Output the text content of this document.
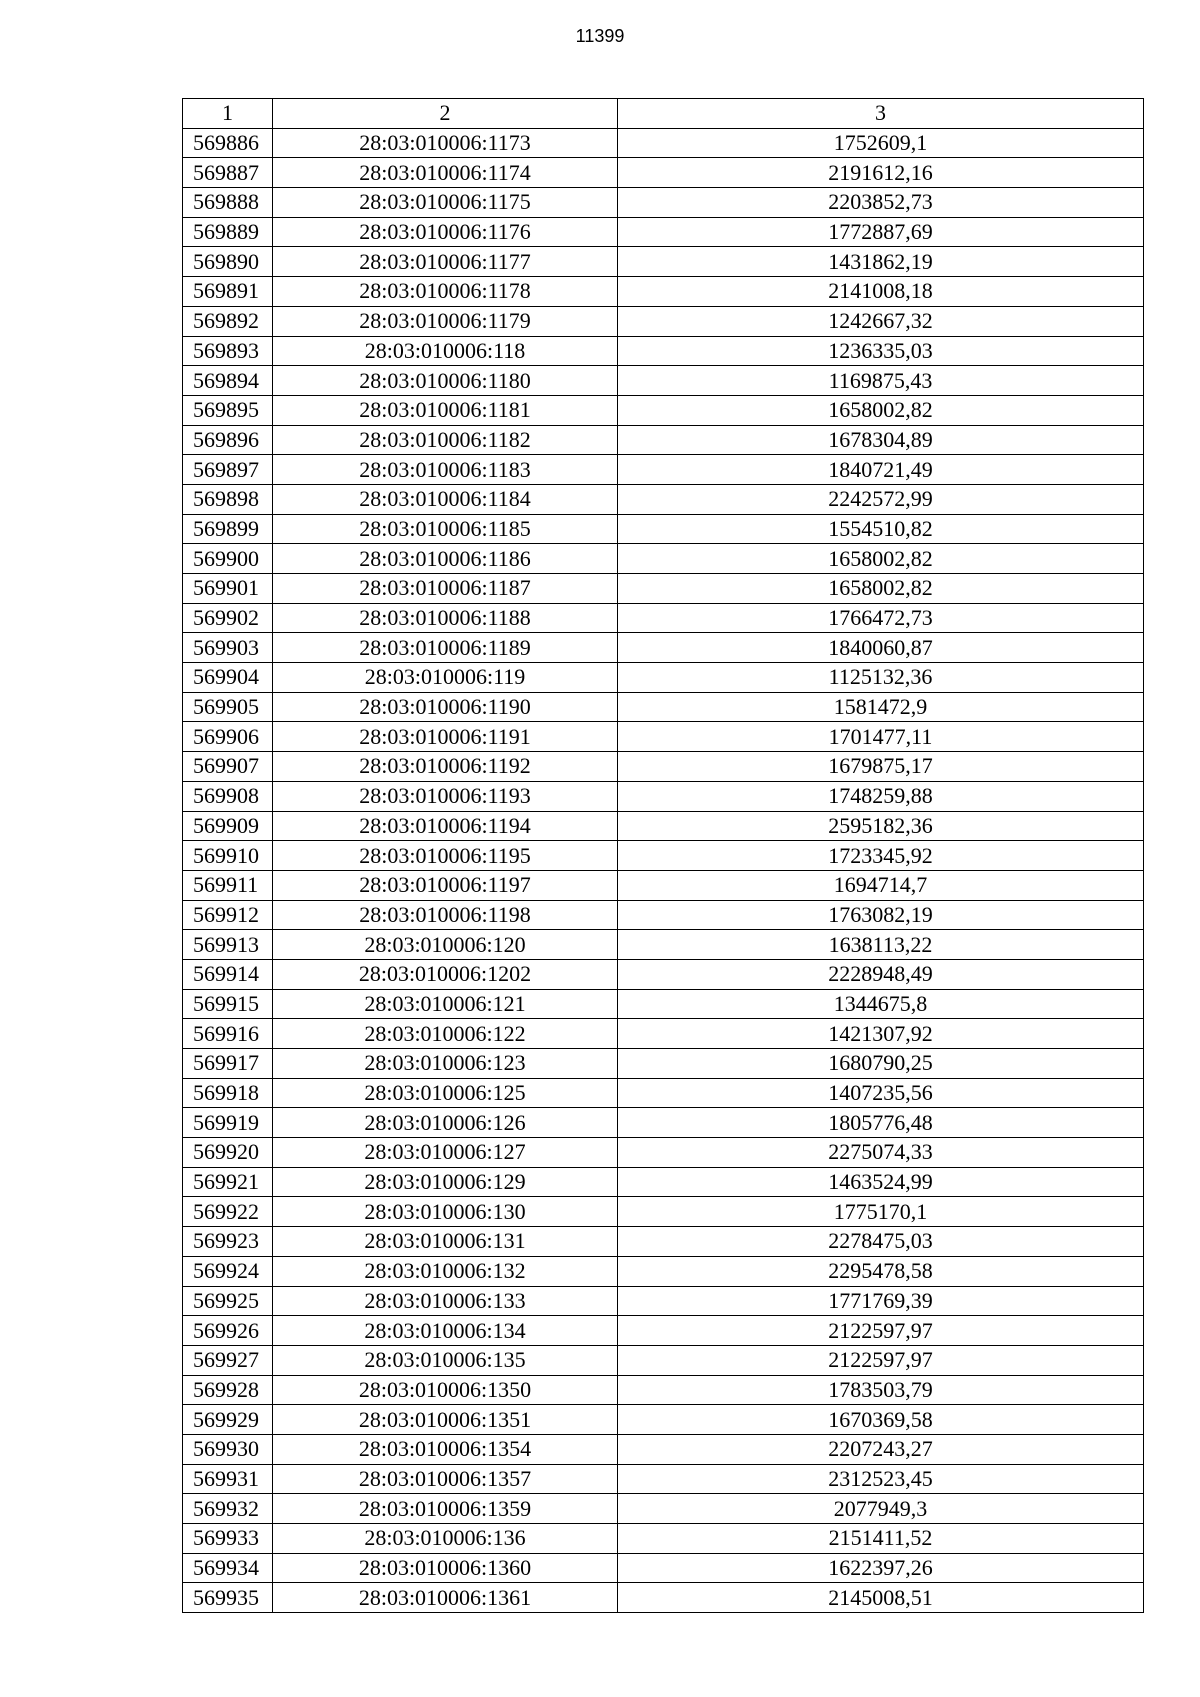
11399
1	2	3
569886	28:03:010006:1173	1752609,1
569887	28:03:010006:1174	2191612,16
569888	28:03:010006:1175	2203852,73
569889	28:03:010006:1176	1772887,69
569890	28:03:010006:1177	1431862,19
569891	28:03:010006:1178	2141008,18
569892	28:03:010006:1179	1242667,32
569893	28:03:010006:118	1236335,03
569894	28:03:010006:1180	1169875,43
569895	28:03:010006:1181	1658002,82
569896	28:03:010006:1182	1678304,89
569897	28:03:010006:1183	1840721,49
569898	28:03:010006:1184	2242572,99
569899	28:03:010006:1185	1554510,82
569900	28:03:010006:1186	1658002,82
569901	28:03:010006:1187	1658002,82
569902	28:03:010006:1188	1766472,73
569903	28:03:010006:1189	1840060,87
569904	28:03:010006:119	1125132,36
569905	28:03:010006:1190	1581472,9
569906	28:03:010006:1191	1701477,11
569907	28:03:010006:1192	1679875,17
569908	28:03:010006:1193	1748259,88
569909	28:03:010006:1194	2595182,36
569910	28:03:010006:1195	1723345,92
569911	28:03:010006:1197	1694714,7
569912	28:03:010006:1198	1763082,19
569913	28:03:010006:120	1638113,22
569914	28:03:010006:1202	2228948,49
569915	28:03:010006:121	1344675,8
569916	28:03:010006:122	1421307,92
569917	28:03:010006:123	1680790,25
569918	28:03:010006:125	1407235,56
569919	28:03:010006:126	1805776,48
569920	28:03:010006:127	2275074,33
569921	28:03:010006:129	1463524,99
569922	28:03:010006:130	1775170,1
569923	28:03:010006:131	2278475,03
569924	28:03:010006:132	2295478,58
569925	28:03:010006:133	1771769,39
569926	28:03:010006:134	2122597,97
569927	28:03:010006:135	2122597,97
569928	28:03:010006:1350	1783503,79
569929	28:03:010006:1351	1670369,58
569930	28:03:010006:1354	2207243,27
569931	28:03:010006:1357	2312523,45
569932	28:03:010006:1359	2077949,3
569933	28:03:010006:136	2151411,52
569934	28:03:010006:1360	1622397,26
569935	28:03:010006:1361	2145008,51
